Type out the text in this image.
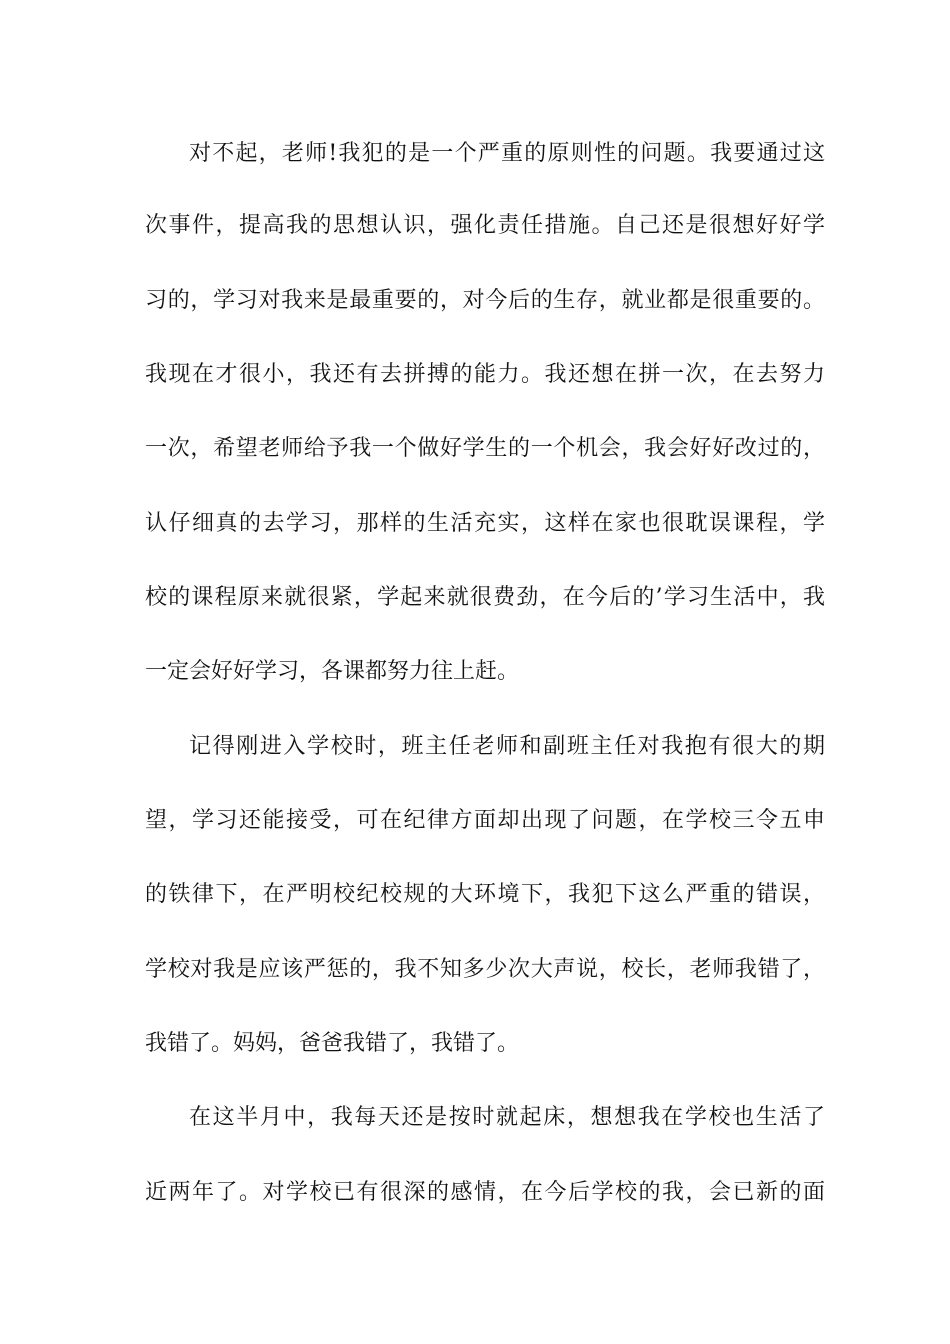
对不起，老师!我犯的是一个严重的原则性的问题。我要通过这
次事件，提高我的思想认识，强化责任措施。自己还是很想好好学
习的，学习对我来是最重要的，对今后的生存，就业都是很重要的。
我现在才很小，我还有去拼搏的能力。我还想在拼一次，在去努力
一次，希望老师给予我一个做好学生的一个机会，我会好好改过的，
认仔细真的去学习，那样的生活充实，这样在家也很耽误课程，学
校的课程原来就很紧，学起来就很费劲，在今后的’学习生活中，我
一定会好好学习，各课都努力往上赶。
记得刚进入学校时，班主任老师和副班主任对我抱有很大的期
望，学习还能接受，可在纪律方面却出现了问题，在学校三令五申
的铁律下，在严明校纪校规的大环境下，我犯下这么严重的错误，
学校对我是应该严惩的，我不知多少次大声说，校长，老师我错了，
我错了。妈妈，爸爸我错了，我错了。
在这半月中，我每天还是按时就起床，想想我在学校也生活了
近两年了。对学校已有很深的感情，在今后学校的我，会已新的面
